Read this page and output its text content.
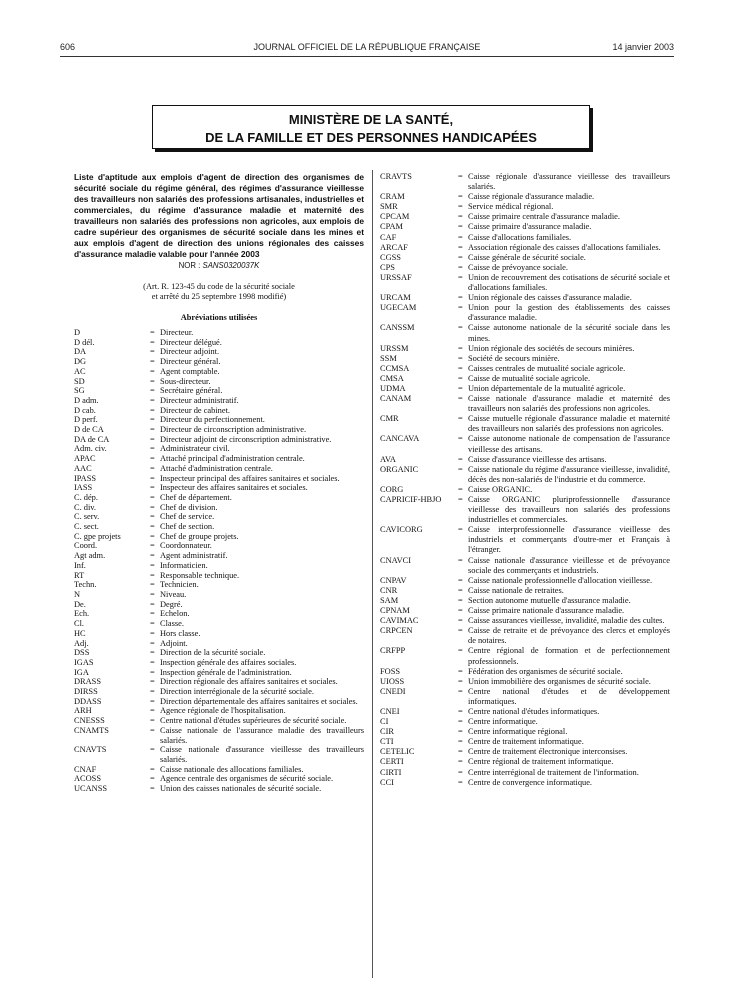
606	JOURNAL OFFICIEL DE LA RÉPUBLIQUE FRANÇAISE	14 janvier 2003
MINISTÈRE DE LA SANTÉ,
DE LA FAMILLE ET DES PERSONNES HANDICAPÉES
Liste d'aptitude aux emplois d'agent de direction des organismes de sécurité sociale du régime général, des régimes d'assurance vieillesse des travailleurs non salariés des professions artisanales, industrielles et commerciales, du régime d'assurance maladie et maternité des travailleurs non salariés des professions non agricoles, aux emplois de cadre supérieur des organismes de sécurité sociale dans les mines et aux emplois d'agent de direction des unions régionales des caisses d'assurance maladie valable pour l'année 2003
NOR : SANS0320037K
(Art. R. 123-45 du code de la sécurité sociale
et arrêté du 25 septembre 1998 modifié)
Abréviations utilisées
D	= Directeur.
D dél.	= Directeur délégué.
DA	= Directeur adjoint.
DG	= Directeur général.
AC	= Agent comptable.
SD	= Sous-directeur.
SG	= Secrétaire général.
D adm.	= Directeur administratif.
D cab.	= Directeur de cabinet.
D perf.	= Directeur du perfectionnement.
D de CA	= Directeur de circonscription administrative.
DA de CA	= Directeur adjoint de circonscription administrative.
Adm. civ.	= Administrateur civil.
APAC	= Attaché principal d'administration centrale.
AAC	= Attaché d'administration centrale.
IPASS	= Inspecteur principal des affaires sanitaires et sociales.
IASS	= Inspecteur des affaires sanitaires et sociales.
C. dép.	= Chef de département.
C. div.	= Chef de division.
C. serv.	= Chef de service.
C. sect.	= Chef de section.
C. gpe projets	= Chef de groupe projets.
Coord.	= Coordonnateur.
Agt adm.	= Agent administratif.
Inf.	= Informaticien.
RT	= Responsable technique.
Techn.	= Technicien.
N	= Niveau.
De.	= Degré.
Ech.	= Echelon.
Cl.	= Classe.
HC	= Hors classe.
Adj.	= Adjoint.
DSS	= Direction de la sécurité sociale.
IGAS	= Inspection générale des affaires sociales.
IGA	= Inspection générale de l'administration.
DRASS	= Direction régionale des affaires sanitaires et sociales.
DIRSS	= Direction interrégionale de la sécurité sociale.
DDASS	= Direction départementale des affaires sanitaires et sociales.
ARH	= Agence régionale de l'hospitalisation.
CNESSS	= Centre national d'études supérieures de sécurité sociale.
CNAMTS	= Caisse nationale de l'assurance maladie des travailleurs salariés.
CNAVTS	= Caisse nationale d'assurance vieillesse des travailleurs salariés.
CNAF	= Caisse nationale des allocations familiales.
ACOSS	= Agence centrale des organismes de sécurité sociale.
UCANSS	= Union des caisses nationales de sécurité sociale.
CRAVTS	= Caisse régionale d'assurance vieillesse des travailleurs salariés.
CRAM	= Caisse régionale d'assurance maladie.
SMR	= Service médical régional.
CPCAM	= Caisse primaire centrale d'assurance maladie.
CPAM	= Caisse primaire d'assurance maladie.
CAF	= Caisse d'allocations familiales.
ARCAF	= Association régionale des caisses d'allocations familiales.
CGSS	= Caisse générale de sécurité sociale.
CPS	= Caisse de prévoyance sociale.
URSSAF	= Union de recouvrement des cotisations de sécurité sociale et d'allocations familiales.
URCAM	= Union régionale des caisses d'assurance maladie.
UGECAM	= Union pour la gestion des établissements des caisses d'assurance maladie.
CANSSM	= Caisse autonome nationale de la sécurité sociale dans les mines.
URSSM	= Union régionale des sociétés de secours minières.
SSM	= Société de secours minière.
CCMSA	= Caisses centrales de mutualité sociale agricole.
CMSA	= Caisse de mutualité sociale agricole.
UDMA	= Union départementale de la mutualité agricole.
CANAM	= Caisse nationale d'assurance maladie et maternité des travailleurs non salariés des professions non agricoles.
CMR	= Caisse mutuelle régionale d'assurance maladie et maternité des travailleurs non salariés des professions non agricoles.
CANCAVA	= Caisse autonome nationale de compensation de l'assurance vieillesse des artisans.
AVA	= Caisse d'assurance vieillesse des artisans.
ORGANIC	= Caisse nationale du régime d'assurance vieillesse, invalidité, décès des non-salariés de l'industrie et du commerce.
CORG	= Caisse ORGANIC.
CAPRICIF-HBJO	= Caisse ORGANIC pluriprofessionnelle d'assurance vieillesse des travailleurs non salariés des professions industrielles et commerciales.
CAVICORG	= Caisse interprofessionnelle d'assurance vieillesse des industriels et commerçants d'outre-mer et Français à l'étranger.
CNAVCI	= Caisse nationale d'assurance vieillesse et de prévoyance sociale des commerçants et industriels.
CNPAV	= Caisse nationale professionnelle d'allocation vieillesse.
CNR	= Caisse nationale de retraites.
SAM	= Section autonome mutuelle d'assurance maladie.
CPNAM	= Caisse primaire nationale d'assurance maladie.
CAVIMAC	= Caisse assurances vieillesse, invalidité, maladie des cultes.
CRPCEN	= Caisse de retraite et de prévoyance des clercs et employés de notaires.
CRFPP	= Centre régional de formation et de perfectionnement professionnels.
FOSS	= Fédération des organismes de sécurité sociale.
UIOSS	= Union immobilière des organismes de sécurité sociale.
CNEDI	= Centre national d'études et de développement informatiques.
CNEI	= Centre national d'études informatiques.
CI	= Centre informatique.
CIR	= Centre informatique régional.
CTI	= Centre de traitement informatique.
CETELIC	= Centre de traitement électronique interconsises.
CERTI	= Centre régional de traitement informatique.
CIRTI	= Centre interrégional de traitement de l'information.
CCI	= Centre de convergence informatique.
